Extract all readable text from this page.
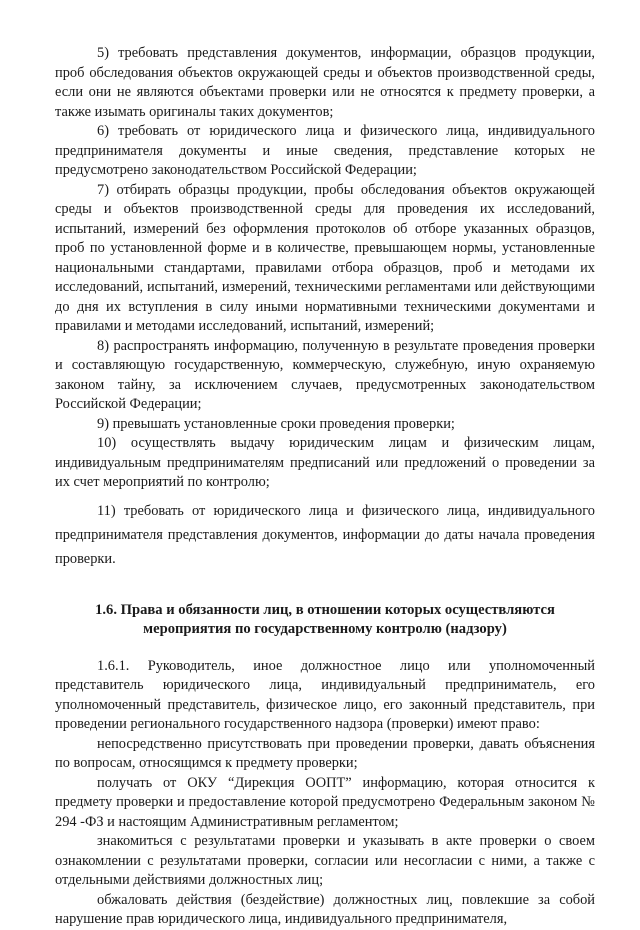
5) требовать представления документов, информации, образцов продукции, проб обследования объектов окружающей среды и объектов производственной среды, если они не являются объектами проверки или не относятся к предмету проверки, а также изымать оригиналы таких документов;

6) требовать от юридического лица и физического лица, индивидуального предпринимателя документы и иные сведения, представление которых не предусмотрено законодательством Российской Федерации;

7) отбирать образцы продукции, пробы обследования объектов окружающей среды и объектов производственной среды для проведения их исследований, испытаний, измерений без оформления протоколов об отборе указанных образцов, проб по установленной форме и в количестве, превышающем нормы, установленные национальными стандартами, правилами отбора образцов, проб и методами их исследований, испытаний, измерений, техническими регламентами или действующими до дня их вступления в силу иными нормативными техническими документами и правилами и методами исследований, испытаний, измерений;

8) распространять информацию, полученную в результате проведения проверки и составляющую государственную, коммерческую, служебную, иную охраняемую законом тайну, за исключением случаев, предусмотренных законодательством Российской Федерации;

9) превышать установленные сроки проведения проверки;

10) осуществлять выдачу юридическим лицам и физическим лицам, индивидуальным предпринимателям предписаний или предложений о проведении за их счет мероприятий по контролю;

11) требовать от юридического лица и физического лица, индивидуального предпринимателя представления документов, информации до даты начала проведения проверки.

1.6. Права и обязанности лиц, в отношении которых осуществляются мероприятия по государственному контролю (надзору)

1.6.1. Руководитель, иное должностное лицо или уполномоченный представитель юридического лица, индивидуальный предприниматель, его уполномоченный представитель, физическое лицо, его законный представитель, при проведении регионального государственного надзора (проверки) имеют право:

непосредственно присутствовать при проведении проверки, давать объяснения по вопросам, относящимся к предмету проверки;

получать от ОКУ “Дирекция ООПТ” информацию, которая относится к предмету проверки и предоставление которой предусмотрено Федеральным законом № 294 -ФЗ и настоящим Административным регламентом;

знакомиться с результатами проверки и указывать в акте проверки о своем ознакомлении с результатами проверки, согласии или несогласии с ними, а также с отдельными действиями должностных лиц;

обжаловать действия (бездействие) должностных лиц, повлекшие за собой нарушение прав юридического лица, индивидуального предпринимателя,
